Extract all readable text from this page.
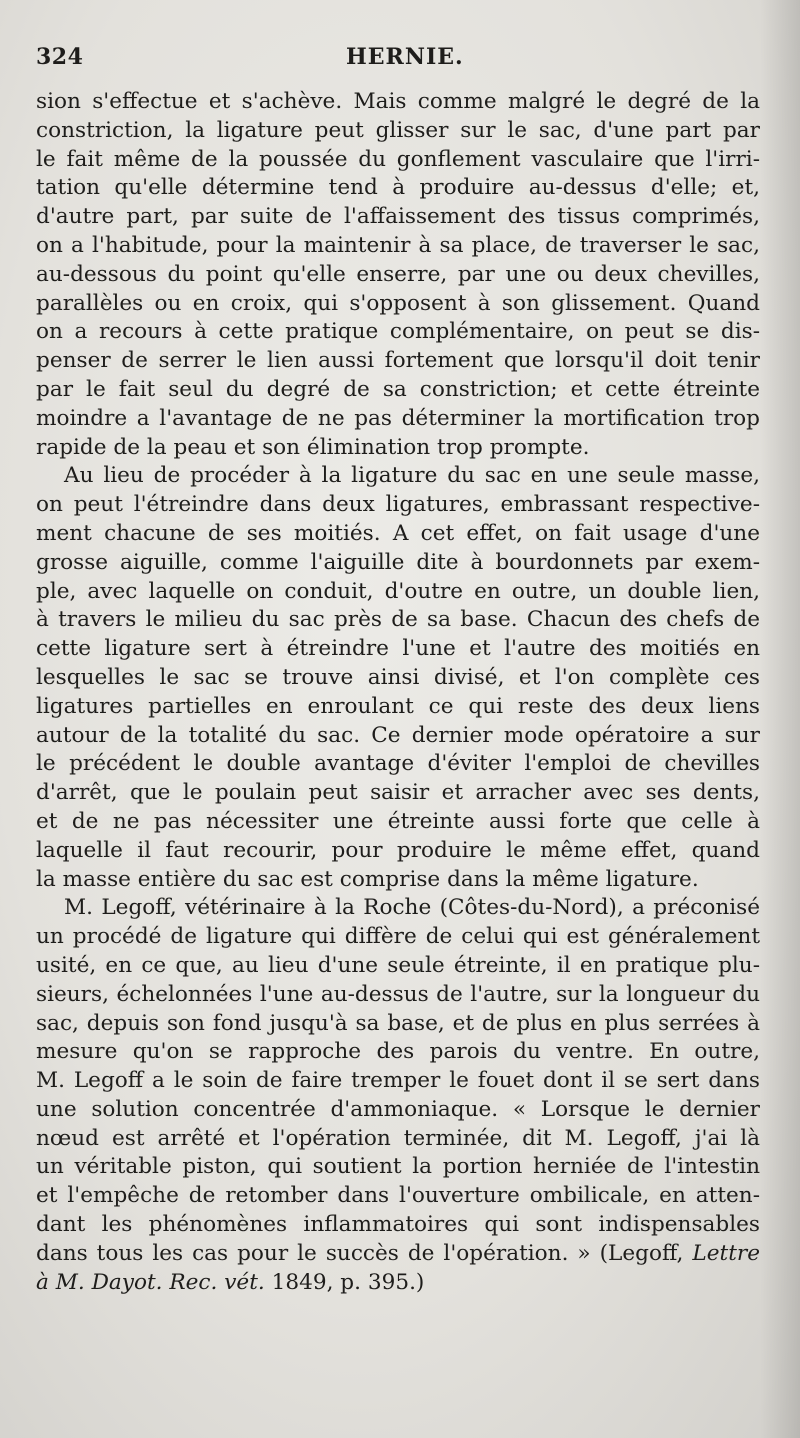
324	HERNIE.
sion s'effectue et s'achève. Mais comme malgré le degré de la
constriction, la ligature peut glisser sur le sac, d'une part par
le fait même de la poussée du gonflement vasculaire que l'irri-
tation qu'elle détermine tend à produire au-dessus d'elle; et,
d'autre part, par suite de l'affaissement des tissus comprimés,
on a l'habitude, pour la maintenir à sa place, de traverser le sac,
au-dessous du point qu'elle enserre, par une ou deux chevilles,
parallèles ou en croix, qui s'opposent à son glissement. Quand
on a recours à cette pratique complémentaire, on peut se dis-
penser de serrer le lien aussi fortement que lorsqu'il doit tenir
par le fait seul du degré de sa constriction; et cette étreinte
moindre a l'avantage de ne pas déterminer la mortification trop
rapide de la peau et son élimination trop prompte.
Au lieu de procéder à la ligature du sac en une seule masse,
on peut l'étreindre dans deux ligatures, embrassant respective-
ment chacune de ses moitiés. A cet effet, on fait usage d'une
grosse aiguille, comme l'aiguille dite à bourdonnets par exem-
ple, avec laquelle on conduit, d'outre en outre, un double lien,
à travers le milieu du sac près de sa base. Chacun des chefs de
cette ligature sert à étreindre l'une et l'autre des moitiés en
lesquelles le sac se trouve ainsi divisé, et l'on complète ces
ligatures partielles en enroulant ce qui reste des deux liens
autour de la totalité du sac. Ce dernier mode opératoire a sur
le précédent le double avantage d'éviter l'emploi de chevilles
d'arrêt, que le poulain peut saisir et arracher avec ses dents,
et de ne pas nécessiter une étreinte aussi forte que celle à
laquelle il faut recourir, pour produire le même effet, quand
la masse entière du sac est comprise dans la même ligature.
M. Legoff, vétérinaire à la Roche (Côtes-du-Nord), a préconisé
un procédé de ligature qui diffère de celui qui est généralement
usité, en ce que, au lieu d'une seule étreinte, il en pratique plu-
sieurs, échelonnées l'une au-dessus de l'autre, sur la longueur du
sac, depuis son fond jusqu'à sa base, et de plus en plus serrées à
mesure qu'on se rapproche des parois du ventre. En outre,
M. Legoff a le soin de faire tremper le fouet dont il se sert dans
une solution concentrée d'ammoniaque. « Lorsque le dernier
nœud est arrêté et l'opération terminée, dit M. Legoff, j'ai là
un véritable piston, qui soutient la portion herniée de l'intestin
et l'empêche de retomber dans l'ouverture ombilicale, en atten-
dant les phénomènes inflammatoires qui sont indispensables
dans tous les cas pour le succès de l'opération. » (Legoff, Lettre
à M. Dayot. Rec. vét. 1849, p. 395.)
